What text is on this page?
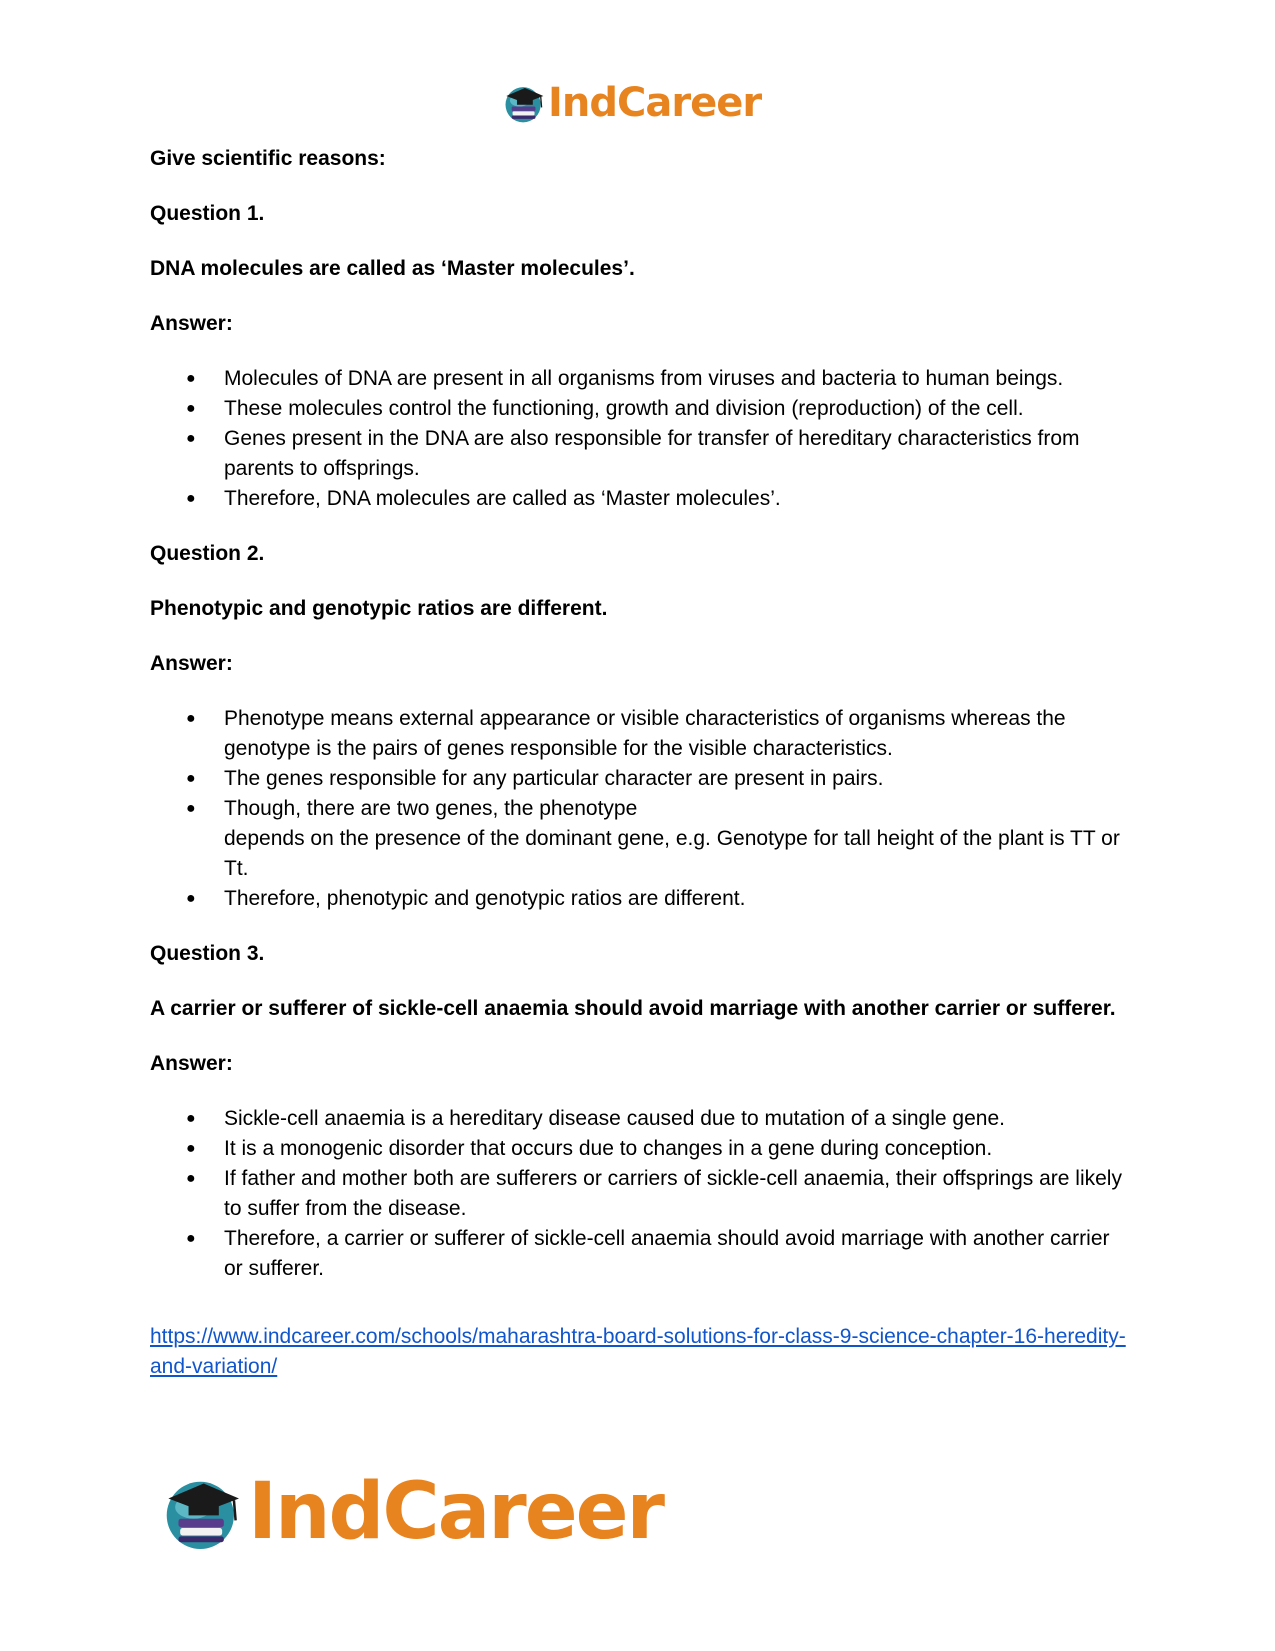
IndCareer

Give scientific reasons:

Question 1.

DNA molecules are called as ‘Master molecules’.

Answer:

● Molecules of DNA are present in all organisms from viruses and bacteria to human beings.
● These molecules control the functioning, growth and division (reproduction) of the cell.
● Genes present in the DNA are also responsible for transfer of hereditary characteristics from parents to offsprings.
● Therefore, DNA molecules are called as ‘Master molecules’.

Question 2.

Phenotypic and genotypic ratios are different.

Answer:

● Phenotype means external appearance or visible characteristics of organisms whereas the genotype is the pairs of genes responsible for the visible characteristics.
● The genes responsible for any particular character are present in pairs.
● Though, there are two genes, the phenotype
depends on the presence of the dominant gene, e.g. Genotype for tall height of the plant is TT or Tt.
● Therefore, phenotypic and genotypic ratios are different.

Question 3.

A carrier or sufferer of sickle-cell anaemia should avoid marriage with another carrier or sufferer.

Answer:

● Sickle-cell anaemia is a hereditary disease caused due to mutation of a single gene.
● It is a monogenic disorder that occurs due to changes in a gene during conception.
● If father and mother both are sufferers or carriers of sickle-cell anaemia, their offsprings are likely to suffer from the disease.
● Therefore, a carrier or sufferer of sickle-cell anaemia should avoid marriage with another carrier or sufferer.
https://www.indcareer.com/schools/maharashtra-board-solutions-for-class-9-science-chapter-16-heredity-and-variation/
IndCareer
